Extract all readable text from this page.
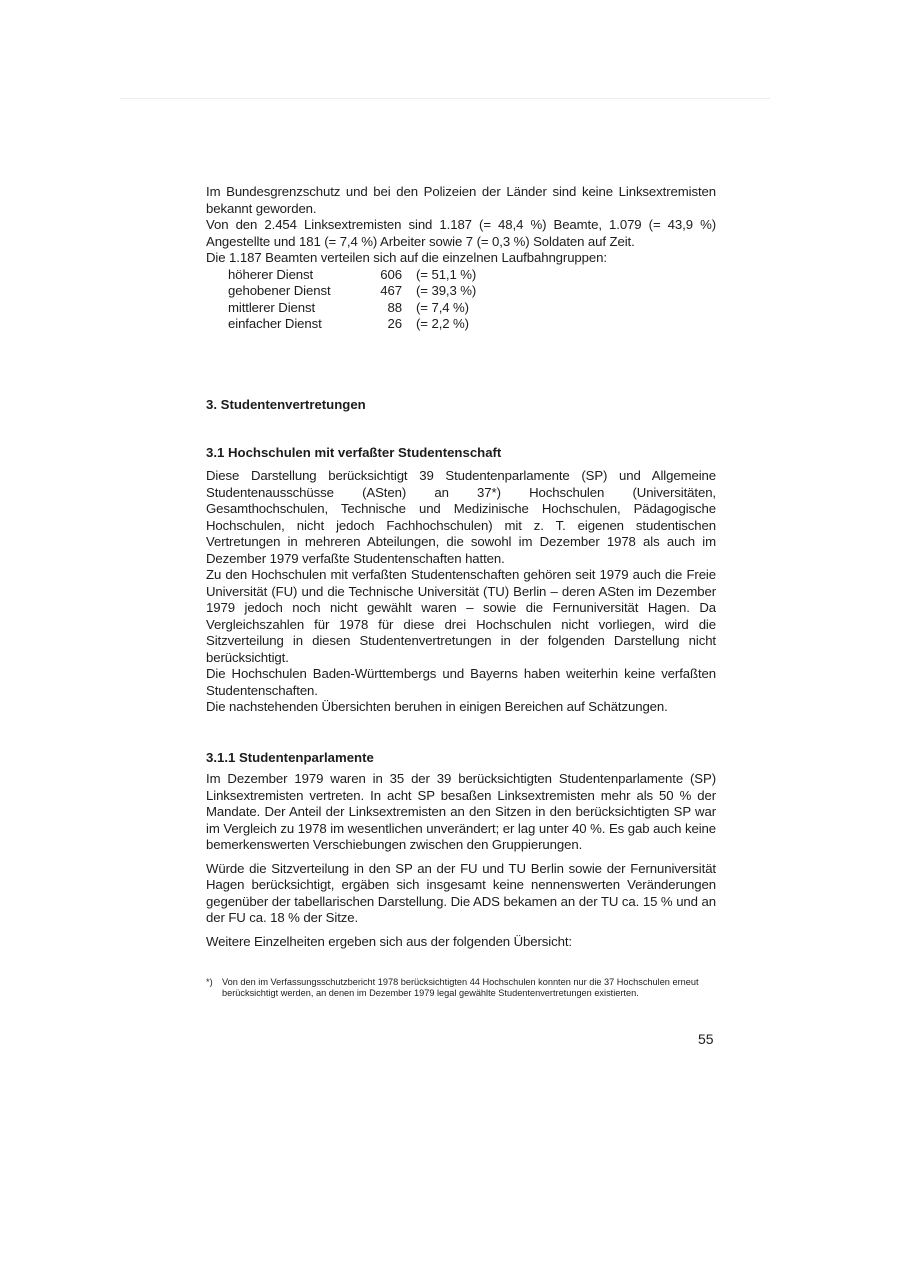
Im Bundesgrenzschutz und bei den Polizeien der Länder sind keine Linksextremisten bekannt geworden.

Von den 2.454 Linksextremisten sind 1.187 (= 48,4 %) Beamte, 1.079 (= 43,9 %) Angestellte und 181 (= 7,4 %) Arbeiter sowie 7 (= 0,3 %) Soldaten auf Zeit.

Die 1.187 Beamten verteilen sich auf die einzelnen Laufbahngruppen:

höherer Dienst	606 (= 51,1 %)
gehobener Dienst	467 (= 39,3 %)
mittlerer Dienst	88 (= 7,4 %)
einfacher Dienst	26 (= 2,2 %)
3. Studentenvertretungen
3.1 Hochschulen mit verfaßter Studentenschaft

Diese Darstellung berücksichtigt 39 Studentenparlamente (SP) und Allgemeine Studentenausschüsse (ASten) an 37*) Hochschulen (Universitäten, Gesamthochschulen, Technische und Medizinische Hochschulen, Pädagogische Hochschulen, nicht jedoch Fachhochschulen) mit z. T. eigenen studentischen Vertretungen in mehreren Abteilungen, die sowohl im Dezember 1978 als auch im Dezember 1979 verfaßte Studentenschaften hatten.

Zu den Hochschulen mit verfaßten Studentenschaften gehören seit 1979 auch die Freie Universität (FU) und die Technische Universität (TU) Berlin – deren ASten im Dezember 1979 jedoch noch nicht gewählt waren – sowie die Fernuniversität Hagen. Da Vergleichszahlen für 1978 für diese drei Hochschulen nicht vorliegen, wird die Sitzverteilung in diesen Studentenvertretungen in der folgenden Darstellung nicht berücksichtigt.

Die Hochschulen Baden-Württembergs und Bayerns haben weiterhin keine verfaßten Studentenschaften.

Die nachstehenden Übersichten beruhen in einigen Bereichen auf Schätzungen.

3.1.1 Studentenparlamente

Im Dezember 1979 waren in 35 der 39 berücksichtigten Studentenparlamente (SP) Linksextremisten vertreten. In acht SP besaßen Linksextremisten mehr als 50 % der Mandate. Der Anteil der Linksextremisten an den Sitzen in den berücksichtigten SP war im Vergleich zu 1978 im wesentlichen unverändert; er lag unter 40 %. Es gab auch keine bemerkenswerten Verschiebungen zwischen den Gruppierungen.

Würde die Sitzverteilung in den SP an der FU und TU Berlin sowie der Fernuniversität Hagen berücksichtigt, ergäben sich insgesamt keine nennenswerten Veränderungen gegenüber der tabellarischen Darstellung. Die ADS bekamen an der TU ca. 15 % und an der FU ca. 18 % der Sitze.

Weitere Einzelheiten ergeben sich aus der folgenden Übersicht:

*)	Von den im Verfassungsschutzbericht 1978 berücksichtigten 44 Hochschulen konnten nur die 37 Hochschulen erneut berücksichtigt werden, an denen im Dezember 1979 legal gewählte Studentenvertretungen existierten.
55
